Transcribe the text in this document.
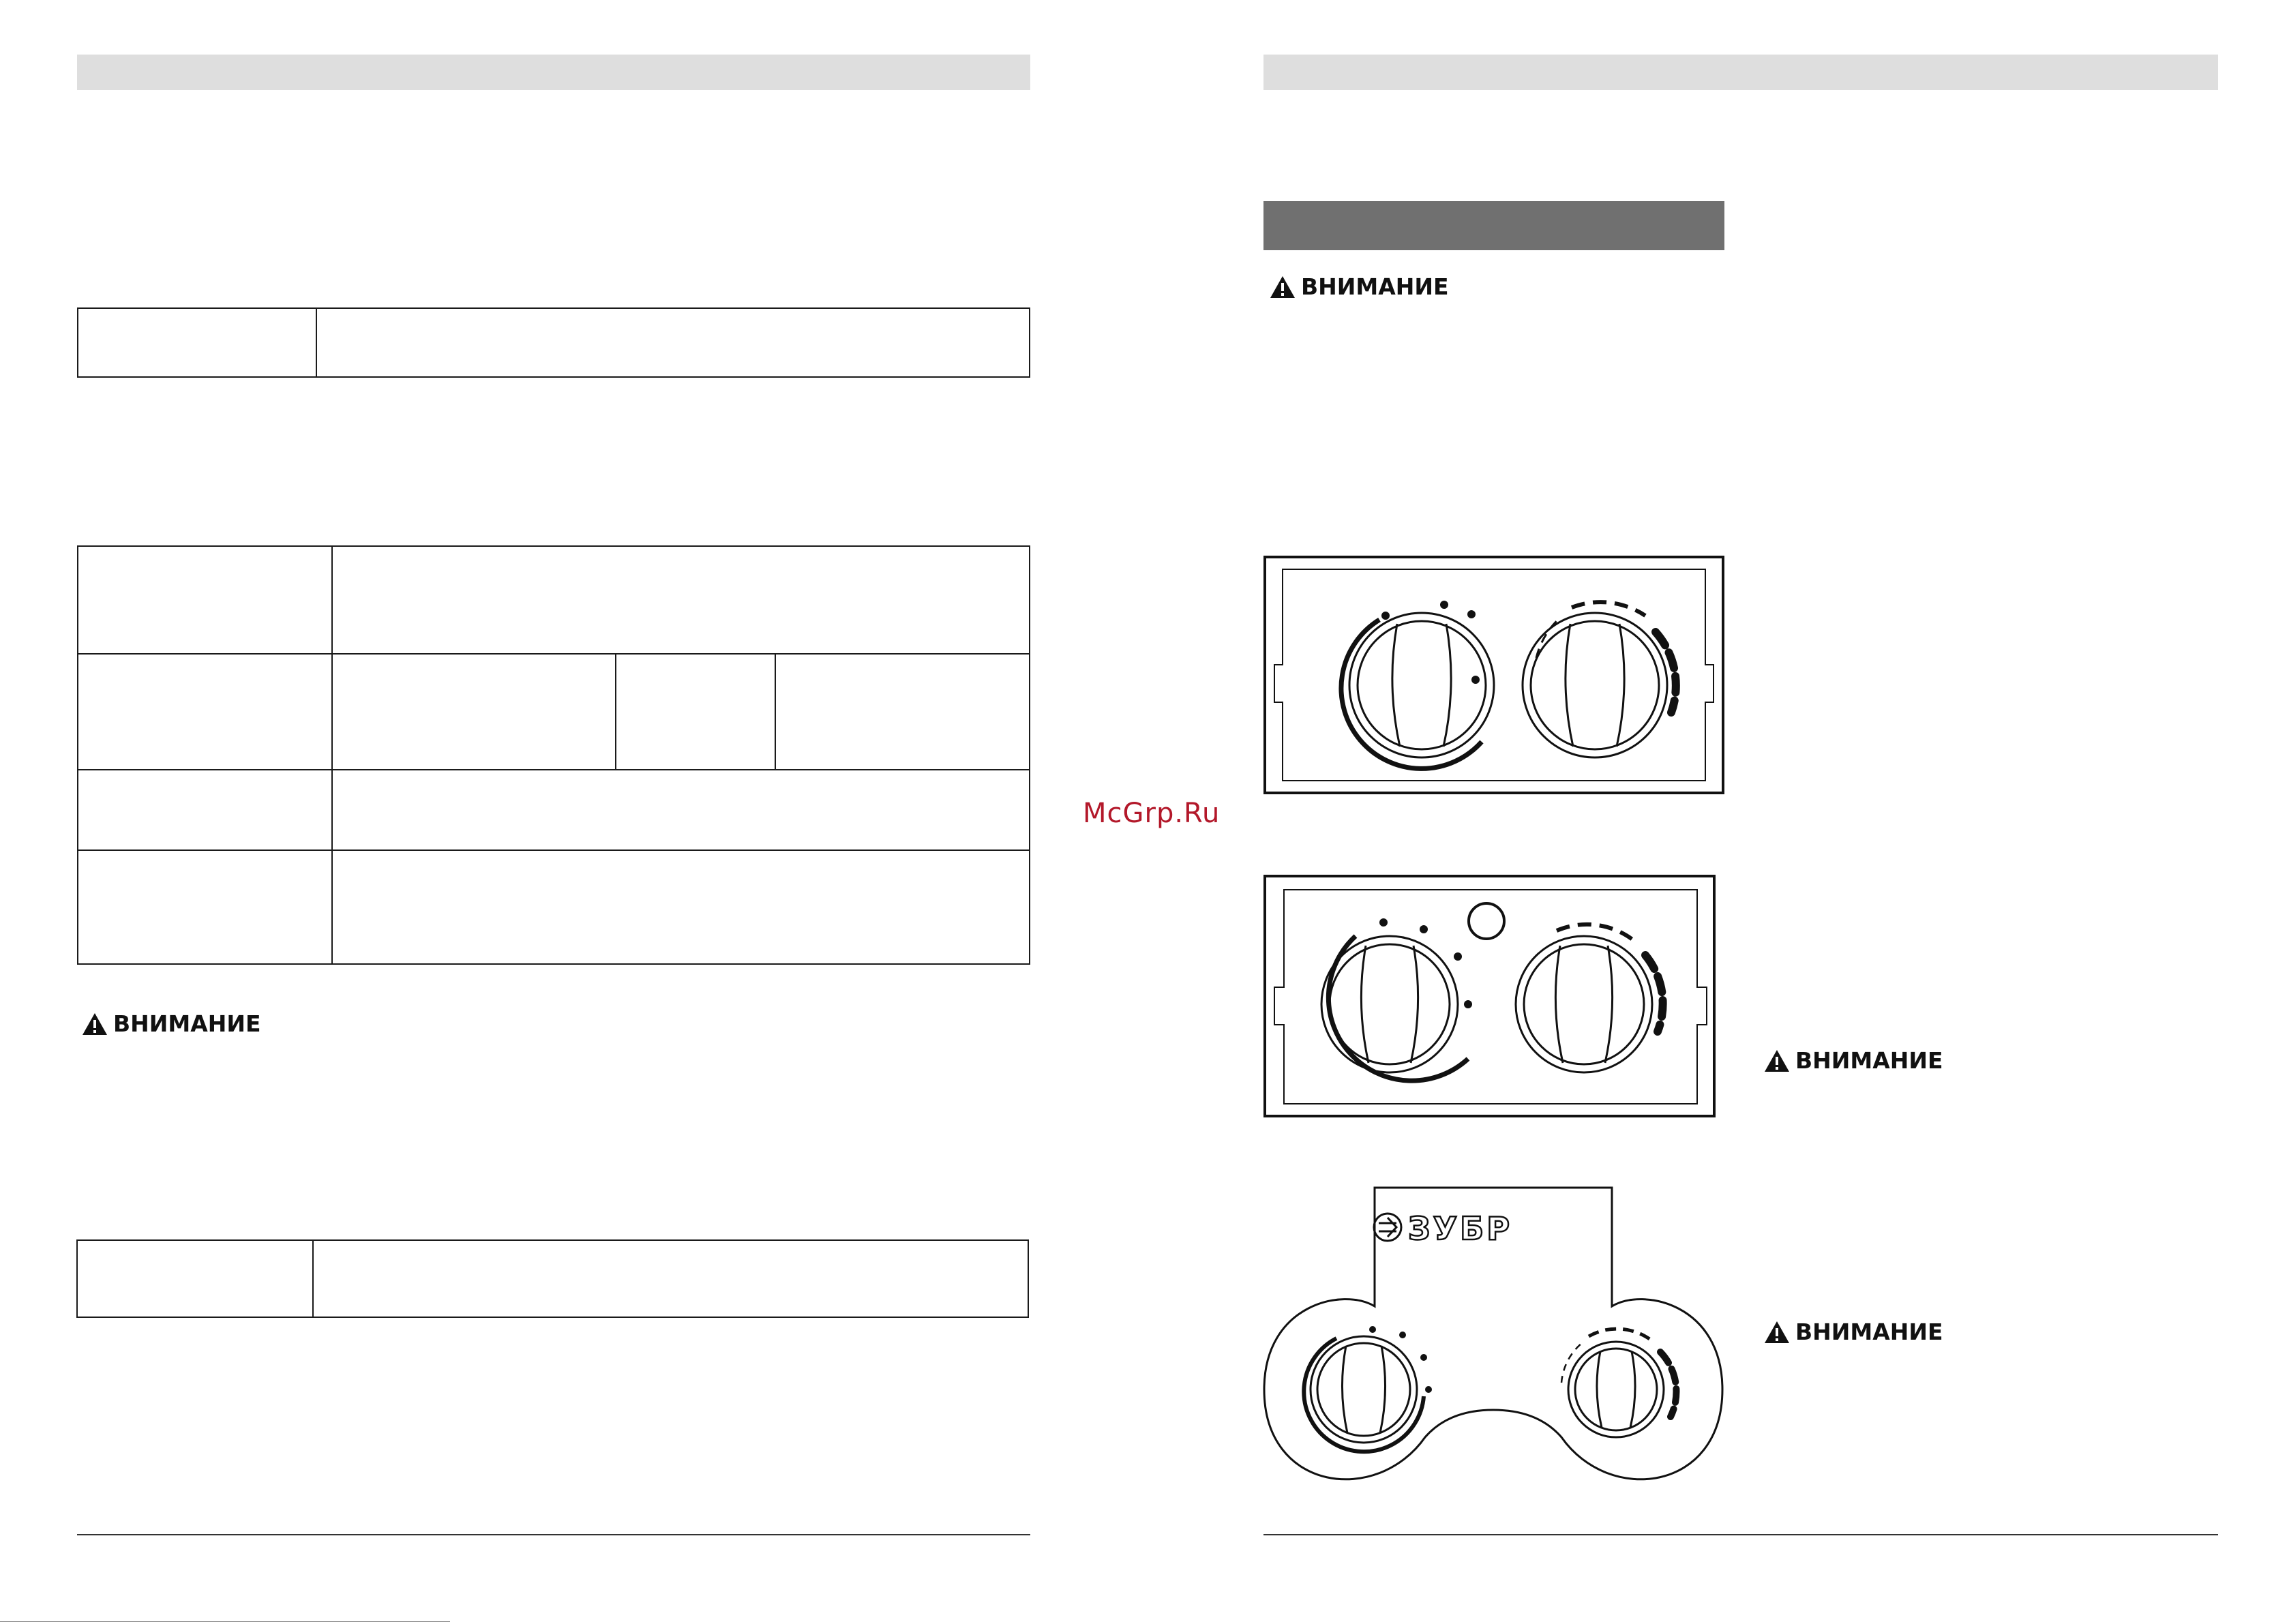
ВНИМАНИЕ
McGrp.Ru
ВНИМАНИЕ
ВНИМАНИЕ
ЗУБР
ВНИМАНИЕ
